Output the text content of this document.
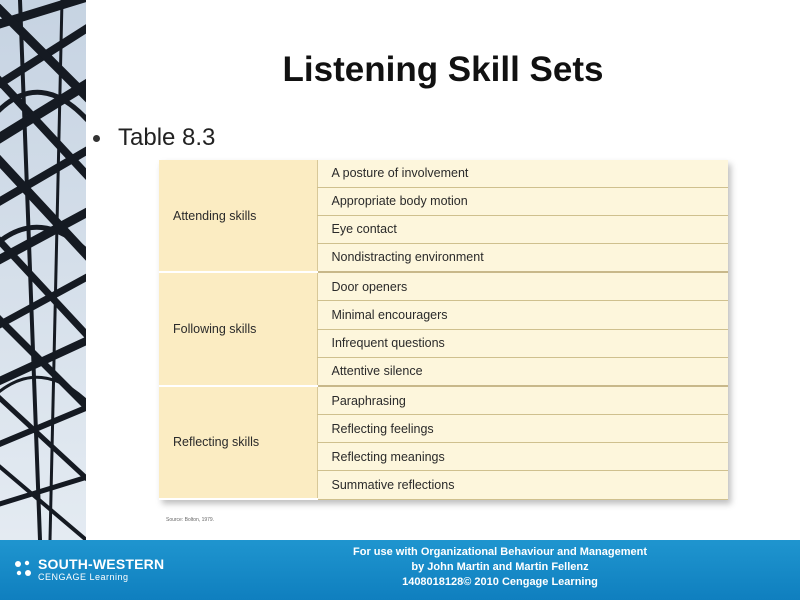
Listening Skill Sets
Table 8.3
Attending skills	A posture of involvement
	Appropriate body motion
	Eye contact
	Nondistracting environment
Following skills	Door openers
	Minimal encouragers
	Infrequent questions
	Attentive silence
Reflecting skills	Paraphrasing
	Reflecting feelings
	Reflecting meanings
	Summative reflections
Source: Bolton, 1979.
SOUTH-WESTERN
CENGAGE Learning
For use with Organizational Behaviour and Management
by John Martin and Martin Fellenz
1408018128© 2010 Cengage Learning
